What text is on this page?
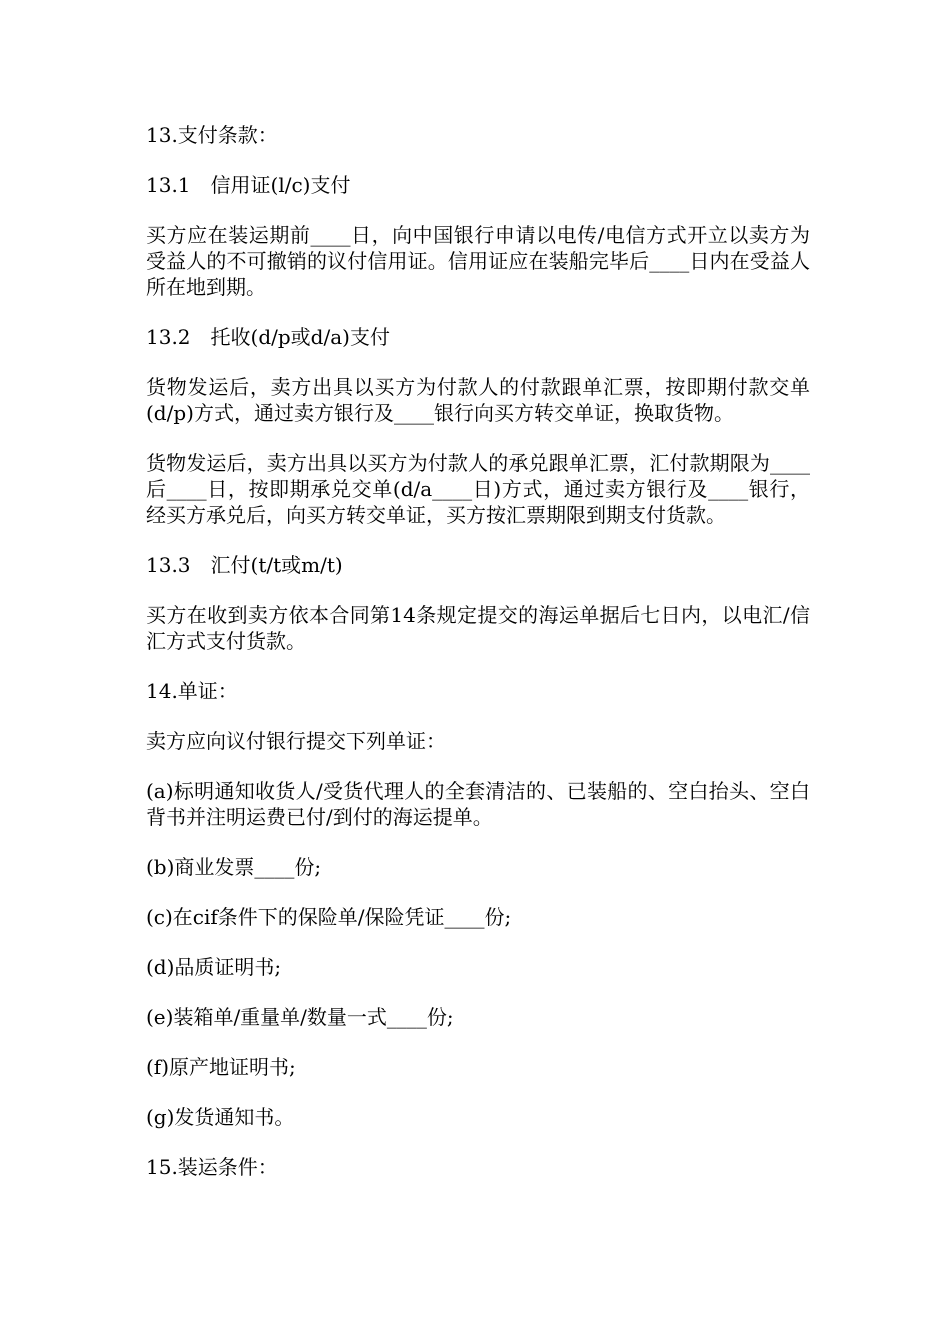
13.支付条款：

13.1　信用证(l/c)支付

买方应在装运期前____日，向中国银行申请以电传/电信方式开立以卖方为受益人的不可撤销的议付信用证。信用证应在装船完毕后____日内在受益人所在地到期。

13.2　托收(d/p或d/a)支付

货物发运后，卖方出具以买方为付款人的付款跟单汇票，按即期付款交单(d/p)方式，通过卖方银行及____银行向买方转交单证，换取货物。

货物发运后，卖方出具以买方为付款人的承兑跟单汇票，汇付款期限为____后____日，按即期承兑交单(d/a____日)方式，通过卖方银行及____银行，经买方承兑后，向买方转交单证，买方按汇票期限到期支付货款。

13.3　汇付(t/t或m/t)

买方在收到卖方依本合同第14条规定提交的海运单据后七日内，以电汇/信汇方式支付货款。

14.单证：

卖方应向议付银行提交下列单证：

(a)标明通知收货人/受货代理人的全套清洁的、已装船的、空白抬头、空白背书并注明运费已付/到付的海运提单。

(b)商业发票____份;

(c)在cif条件下的保险单/保险凭证____份;

(d)品质证明书;

(e)装箱单/重量单/数量一式____份;

(f)原产地证明书;

(g)发货通知书。

15.装运条件：
